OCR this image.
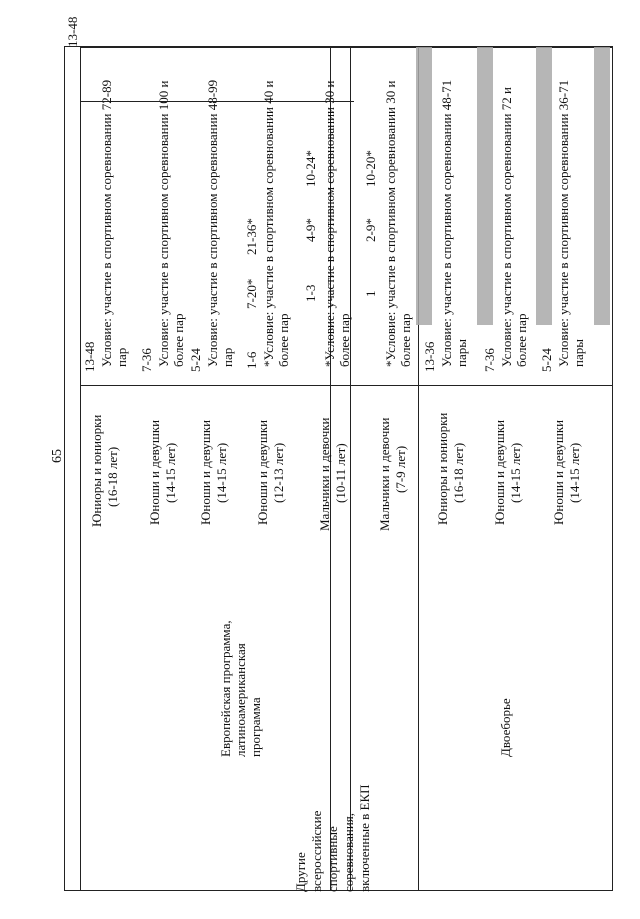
65
13-48
Юниоры и юниорки (16-18 лет)
13-48 Условие: участие в спортивном соревновании 72-89 пар
Юноши и девушки (14-15 лет)
7-36 Условие: участие в спортивном соревновании 100 и более пар
Юноши и девушки (14-15 лет)
5-24 Условие: участие в спортивном соревновании 48-99 пар
Юноши и девушки (12-13 лет)
1-6
7-20*
21-36* *Условие: участие в спортивном соревновании 40 и более пар
Мальчики и девочки (10-11 лет)
1-3
4-9*
10-24* *Условие: участие в спортивном соревновании 30 и более пар
Мальчики и девочки (7-9 лет)
1
2-9*
10-20* *Условие: участие в спортивном соревновании 30 и более пар
Юниоры и юниорки (16-18 лет)
13-36 Условие: участие в спортивном соревновании 48-71 пары
Юноши и девушки (14-15 лет)
7-36 Условие: участие в спортивном соревновании 72 и более пар
Юноши и девушки (14-15 лет)
5-24 Условие: участие в спортивном соревновании 36-71 пары
Европейская программа, латиноамериканская программа	Двоеборье
Другие всероссийские спортивные соревнования, включенные в ЕКП
